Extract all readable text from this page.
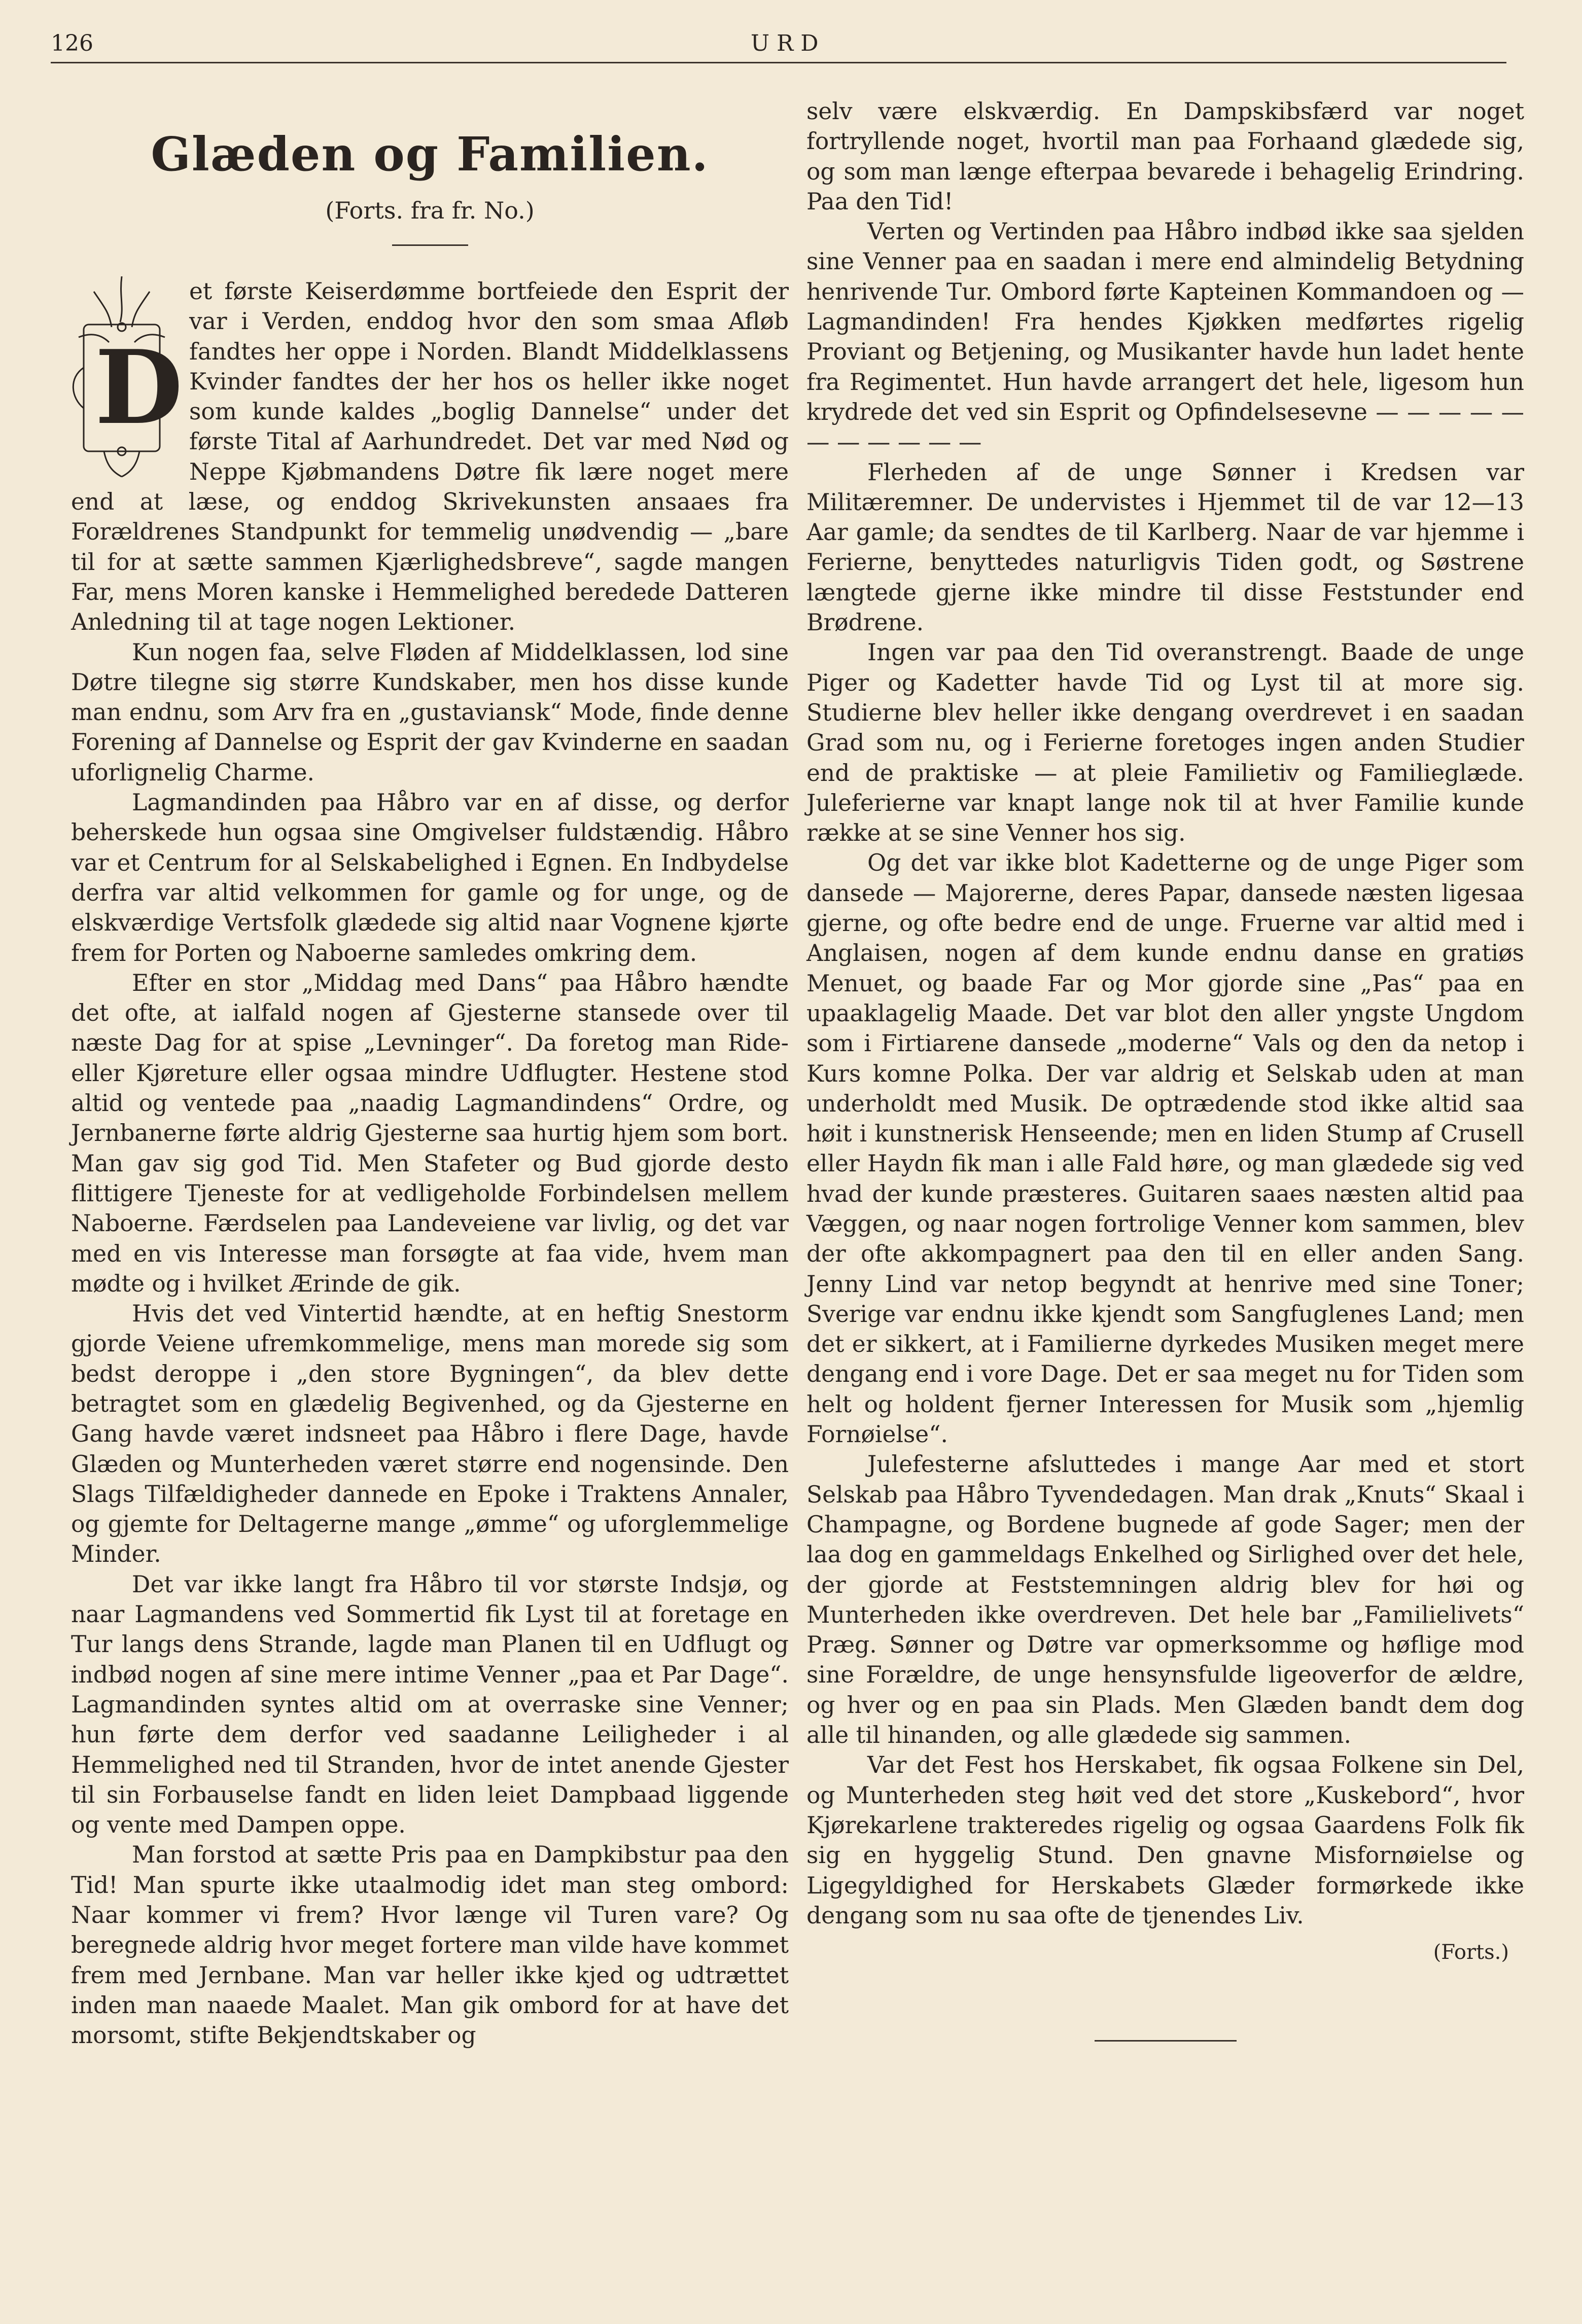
126	URD
Glæden og Familien.
(Forts. fra fr. No.)
D

et første Keiserdømme bortfeiede den Esprit der var i Verden, enddog hvor den som smaa Afløb fandtes her oppe i Norden. Blandt Middelklassens Kvinder fandtes der her hos os heller ikke noget som kunde kaldes „boglig Dannelse“ under det første Tital af Aarhundredet. Det var med Nød og Neppe Kjøbmandens Døtre fik lære noget mere end at læse, og enddog Skrivekunsten ansaaes fra Forældrenes Standpunkt for temmelig unødvendig — „bare til for at sætte sammen Kjærlighedsbreve“, sagde mangen Far, mens Moren kanske i Hemmelighed beredede Datteren Anledning til at tage nogen Lektioner.

Kun nogen faa, selve Fløden af Middelklassen, lod sine Døtre tilegne sig større Kundskaber, men hos disse kunde man endnu, som Arv fra en „gustaviansk“ Mode, finde denne Forening af Dannelse og Esprit der gav Kvinderne en saadan uforlignelig Charme.

Lagmandinden paa Håbro var en af disse, og derfor beherskede hun ogsaa sine Omgivelser fuldstændig. Håbro var et Centrum for al Selskabelighed i Egnen. En Indbydelse derfra var altid velkommen for gamle og for unge, og de elskværdige Vertsfolk glædede sig altid naar Vognene kjørte frem for Porten og Naboerne samledes omkring dem.

Efter en stor „Middag med Dans“ paa Håbro hændte det ofte, at ialfald nogen af Gjesterne stansede over til næste Dag for at spise „Levninger“. Da foretog man Ride- eller Kjøreture eller ogsaa mindre Udflugter. Hestene stod altid og ventede paa „naadig Lagmandindens“ Ordre, og Jernbanerne førte aldrig Gjesterne saa hurtig hjem som bort. Man gav sig god Tid. Men Stafeter og Bud gjorde desto flittigere Tjeneste for at vedligeholde Forbindelsen mellem Naboerne. Færdselen paa Landeveiene var livlig, og det var med en vis Interesse man forsøgte at faa vide, hvem man mødte og i hvilket Ærinde de gik.

Hvis det ved Vintertid hændte, at en heftig Snestorm gjorde Veiene ufremkommelige, mens man morede sig som bedst deroppe i „den store Bygningen“, da blev dette betragtet som en glædelig Begivenhed, og da Gjesterne en Gang havde været indsneet paa Håbro i flere Dage, havde Glæden og Munterheden været større end nogensinde. Den Slags Tilfældigheder dannede en Epoke i Traktens Annaler, og gjemte for Deltagerne mange „ømme“ og uforglemmelige Minder.

Det var ikke langt fra Håbro til vor største Indsjø, og naar Lagmandens ved Sommertid fik Lyst til at foretage en Tur langs dens Strande, lagde man Planen til en Udflugt og indbød nogen af sine mere intime Venner „paa et Par Dage“. Lagmandinden syntes altid om at overraske sine Venner; hun førte dem derfor ved saadanne Leiligheder i al Hemmelighed ned til Stranden, hvor de intet anende Gjester til sin Forbauselse fandt en liden leiet Dampbaad liggende og vente med Dampen oppe.

Man forstod at sætte Pris paa en Dampkibstur paa den Tid! Man spurte ikke utaalmodig idet man steg ombord: Naar kommer vi frem? Hvor længe vil Turen vare? Og beregnede aldrig hvor meget fortere man vilde have kommet frem med Jernbane. Man var heller ikke kjed og udtrættet inden man naaede Maalet. Man gik ombord for at have det morsomt, stifte Bekjendtskaber og

selv være elskværdig. En Dampskibsfærd var noget fortryllende noget, hvortil man paa Forhaand glædede sig, og som man længe efterpaa bevarede i behagelig Erindring. Paa den Tid!

Verten og Vertinden paa Håbro indbød ikke saa sjelden sine Venner paa en saadan i mere end almindelig Betydning henrivende Tur. Ombord førte Kapteinen Kommandoen og — Lagmandinden! Fra hendes Kjøkken medførtes rigelig Proviant og Betjening, og Musikanter havde hun ladet hente fra Regimentet. Hun havde arrangert det hele, ligesom hun krydrede det ved sin Esprit og Opfindelsesevne — — — — — — — — — — —

Flerheden af de unge Sønner i Kredsen var Militæremner. De undervistes i Hjemmet til de var 12—13 Aar gamle; da sendtes de til Karlberg. Naar de var hjemme i Ferierne, benyttedes naturligvis Tiden godt, og Søstrene længtede gjerne ikke mindre til disse Feststunder end Brødrene.

Ingen var paa den Tid overanstrengt. Baade de unge Piger og Kadetter havde Tid og Lyst til at more sig. Studierne blev heller ikke dengang overdrevet i en saadan Grad som nu, og i Ferierne foretoges ingen anden Studier end de praktiske — at pleie Familietiv og Familieglæde. Juleferierne var knapt lange nok til at hver Familie kunde række at se sine Venner hos sig.

Og det var ikke blot Kadetterne og de unge Piger som dansede — Majorerne, deres Papar, dansede næsten ligesaa gjerne, og ofte bedre end de unge. Fruerne var altid med i Anglaisen, nogen af dem kunde endnu danse en gratiøs Menuet, og baade Far og Mor gjorde sine „Pas“ paa en upaaklagelig Maade. Det var blot den aller yngste Ungdom som i Firtiarene dansede „moderne“ Vals og den da netop i Kurs komne Polka. Der var aldrig et Selskab uden at man underholdt med Musik. De optrædende stod ikke altid saa høit i kunstnerisk Henseende; men en liden Stump af Crusell eller Haydn fik man i alle Fald høre, og man glædede sig ved hvad der kunde præsteres. Guitaren saaes næsten altid paa Væggen, og naar nogen fortrolige Venner kom sammen, blev der ofte akkompagnert paa den til en eller anden Sang. Jenny Lind var netop begyndt at henrive med sine Toner; Sverige var endnu ikke kjendt som Sangfuglenes Land; men det er sikkert, at i Familierne dyrkedes Musiken meget mere dengang end i vore Dage. Det er saa meget nu for Tiden som helt og holdent fjerner Interessen for Musik som „hjemlig Fornøielse“.

Julefesterne afsluttedes i mange Aar med et stort Selskab paa Håbro Tyvendedagen. Man drak „Knuts“ Skaal i Champagne, og Bordene bugnede af gode Sager; men der laa dog en gammeldags Enkelhed og Sirlighed over det hele, der gjorde at Feststemningen aldrig blev for høi og Munterheden ikke overdreven. Det hele bar „Familielivets“ Præg. Sønner og Døtre var opmerksomme og høflige mod sine Forældre, de unge hensynsfulde ligeoverfor de ældre, og hver og en paa sin Plads. Men Glæden bandt dem dog alle til hinanden, og alle glædede sig sammen.

Var det Fest hos Herskabet, fik ogsaa Folkene sin Del, og Munterheden steg høit ved det store „Kuskebord“, hvor Kjørekarlene trakteredes rigelig og ogsaa Gaardens Folk fik sig en hyggelig Stund. Den gnavne Misfornøielse og Ligegyldighed for Herskabets Glæder formørkede ikke dengang som nu saa ofte de tjenendes Liv.

(Forts.)
